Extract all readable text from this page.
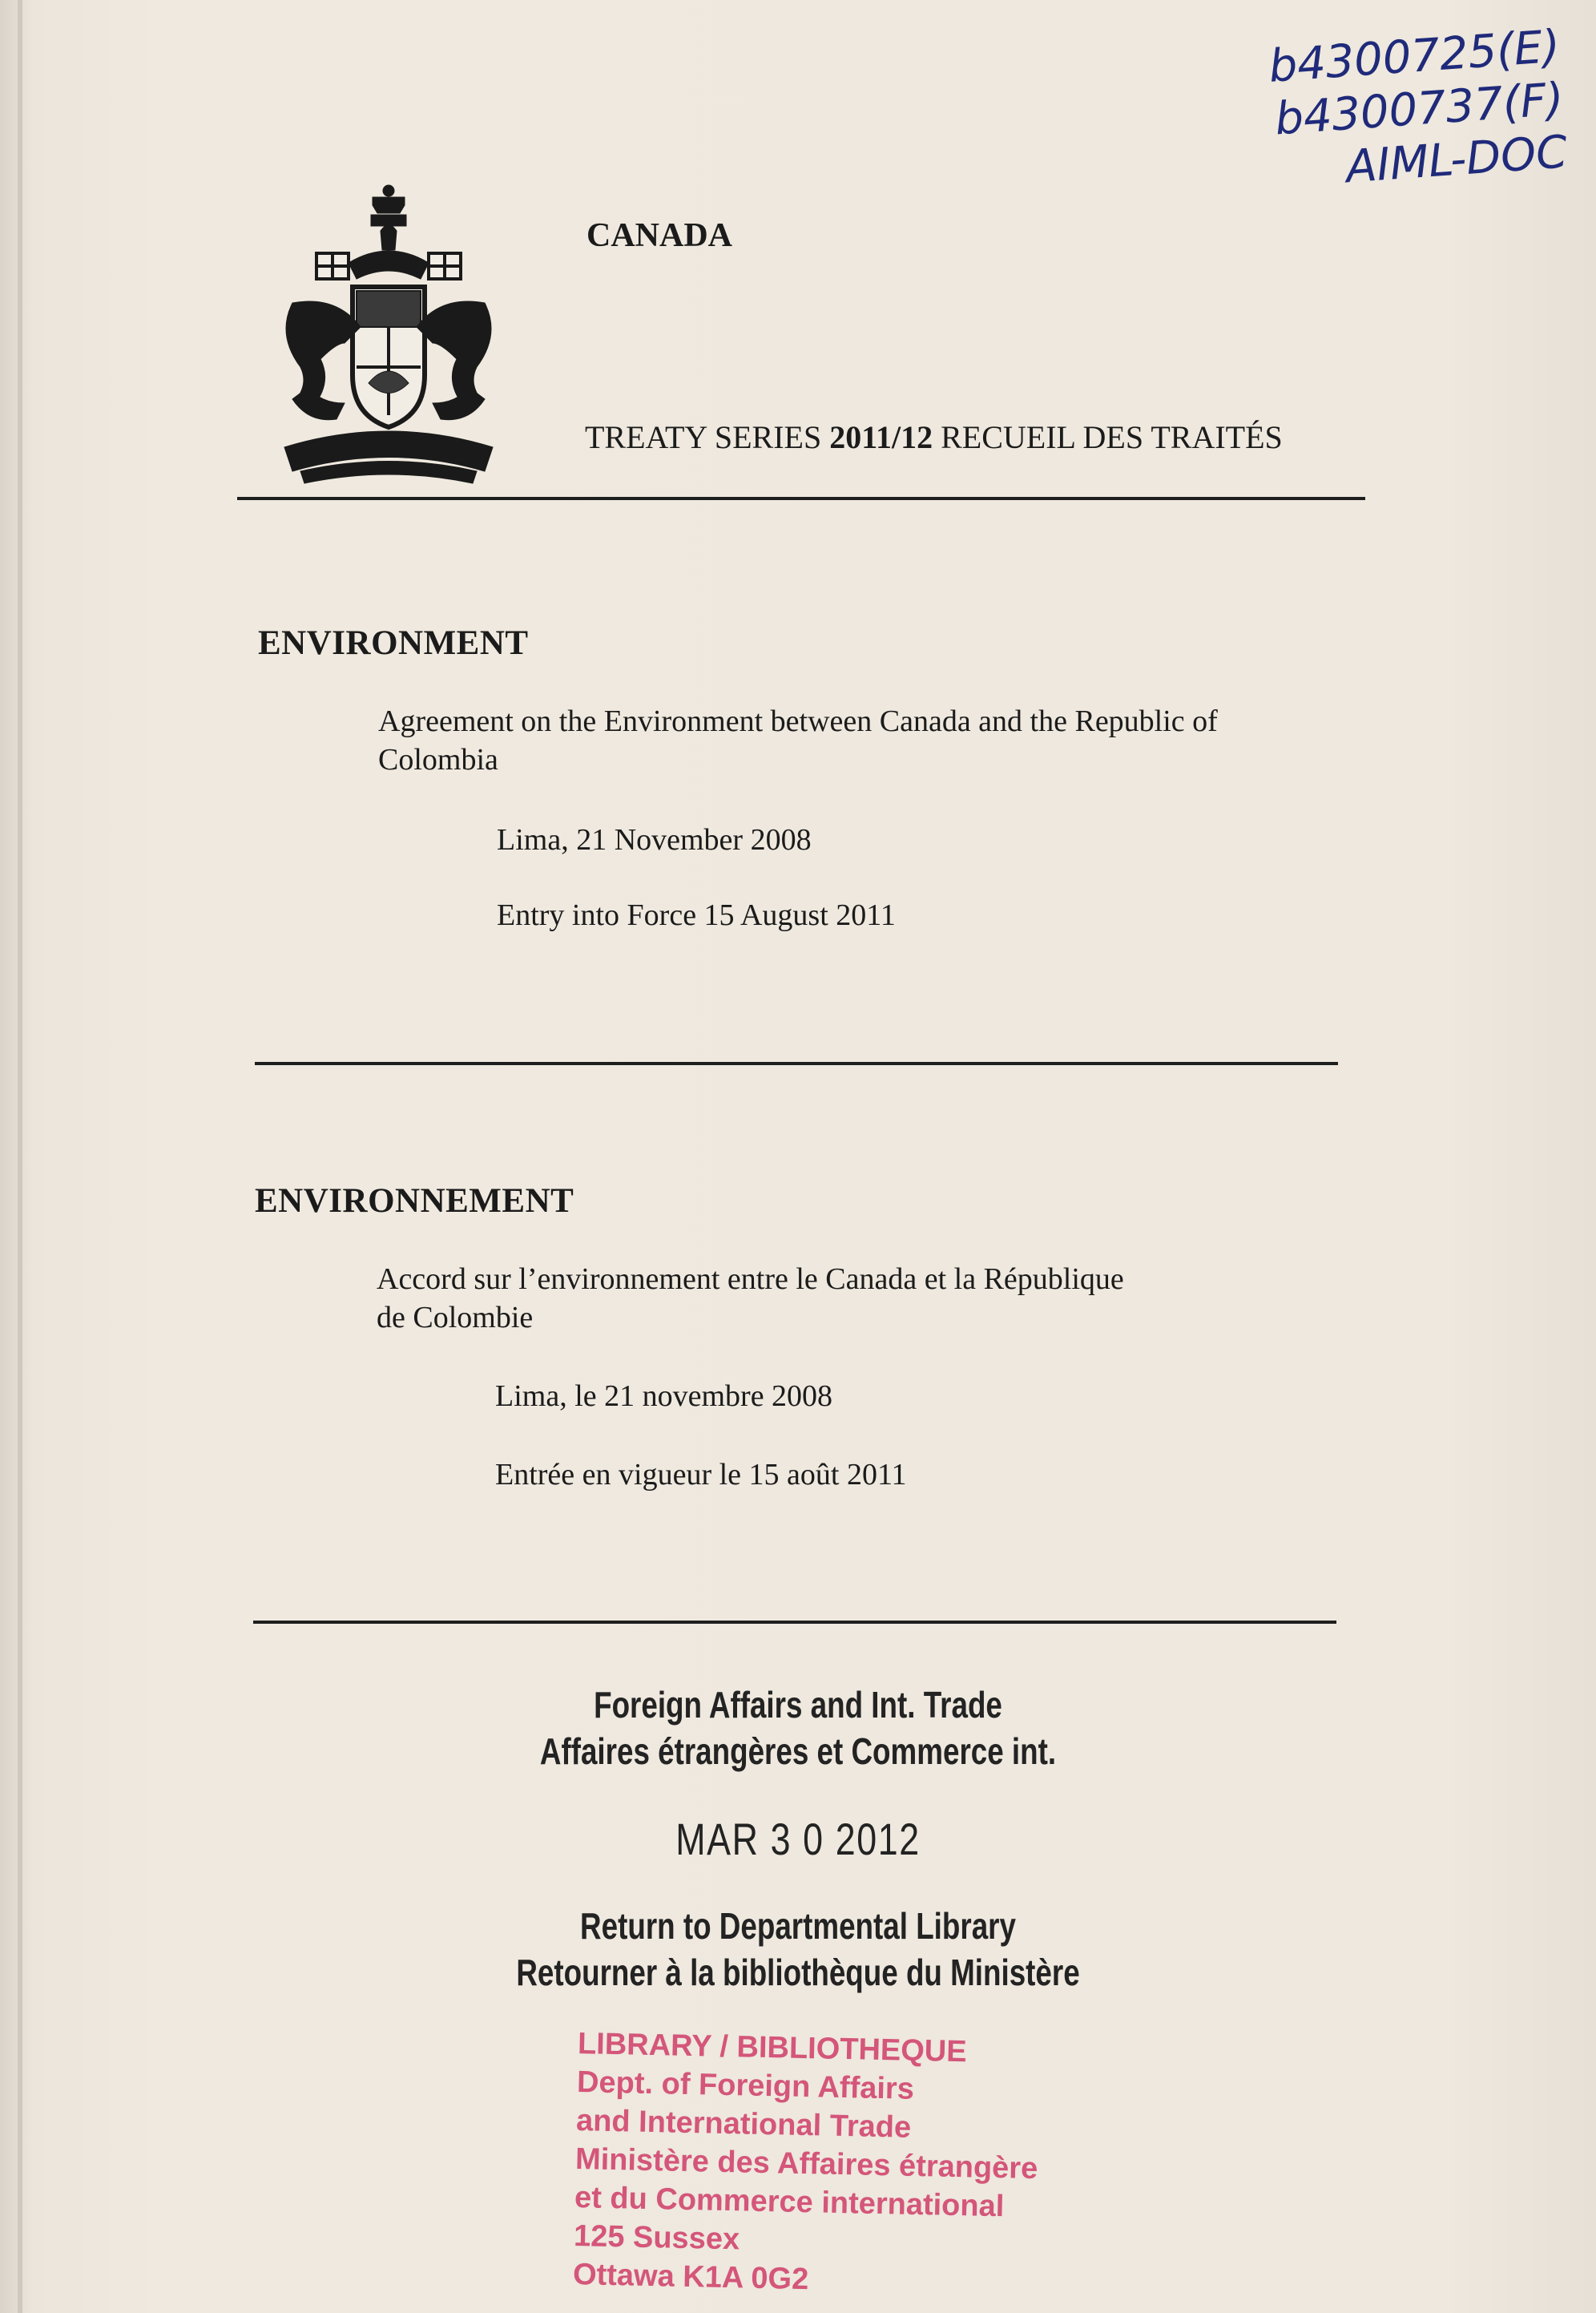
b4300725(E)
b4300737(F)
AIML-DOC
CANADA
TREATY SERIES 2011/12 RECUEIL DES TRAITÉS
ENVIRONMENT
Agreement on the Environment between Canada and the Republic of
Colombia
Lima, 21 November 2008
Entry into Force 15 August 2011
ENVIRONNEMENT
Accord sur l’environnement entre le Canada et la République
de Colombie
Lima, le 21 novembre 2008
Entrée en vigueur le 15 août 2011
Foreign Affairs and Int. Trade
Affaires étrangères et Commerce int.
MAR 3 0 2012
Return to Departmental Library
Retourner à la bibliothèque du Ministère
LIBRARY / BIBLIOTHEQUE
Dept. of Foreign Affairs
and International Trade
Ministère des Affaires étrangère
et du Commerce international
125 Sussex
Ottawa K1A 0G2
